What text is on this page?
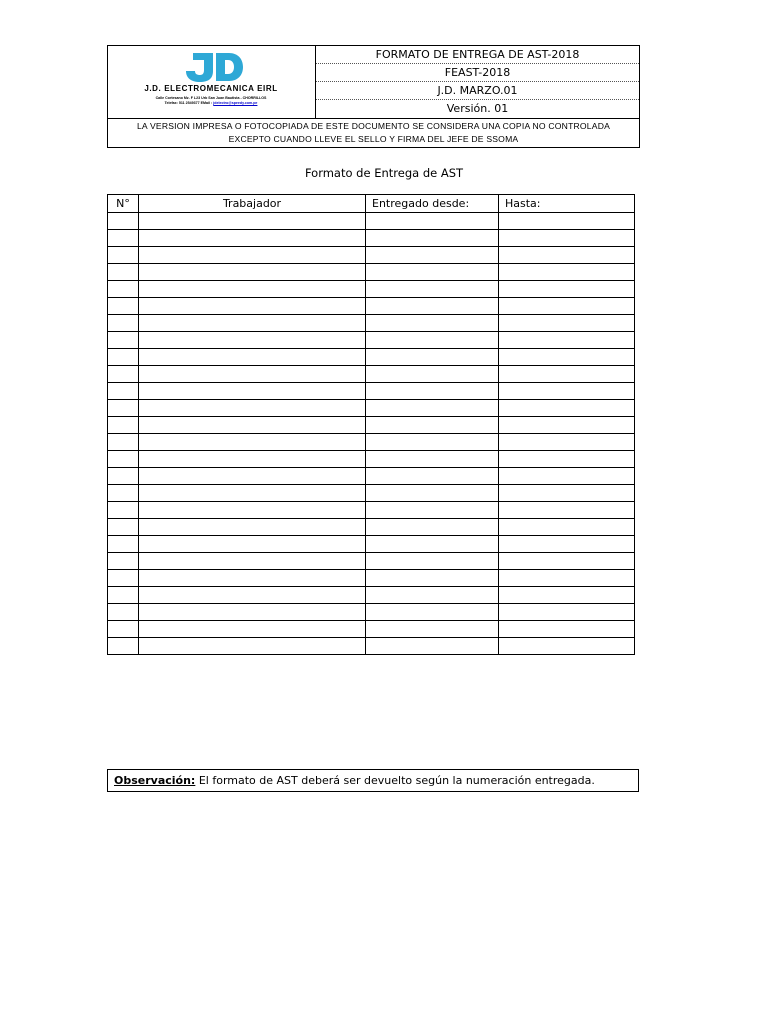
J.D. ELECTROMECANICA EIRL
Calle Cortesano Mz. F L23 Urb San Juan Bautista - CHORRILLOS
Telefax: 511 2549377 EMail : jdelectro@speedy.com.pe
FORMATO DE ENTREGA DE AST-2018
FEAST-2018
J.D. MARZO.01
Versión. 01
LA VERSION IMPRESA O FOTOCOPIADA DE ESTE DOCUMENTO SE CONSIDERA UNA COPIA NO CONTROLADA
EXCEPTO CUANDO LLEVE EL SELLO Y FIRMA DEL JEFE DE SSOMA
Formato de Entrega de AST
N°	Trabajador	Entregado desde:	Hasta:

Observación: El formato de AST deberá ser devuelto según la numeración entregada.
